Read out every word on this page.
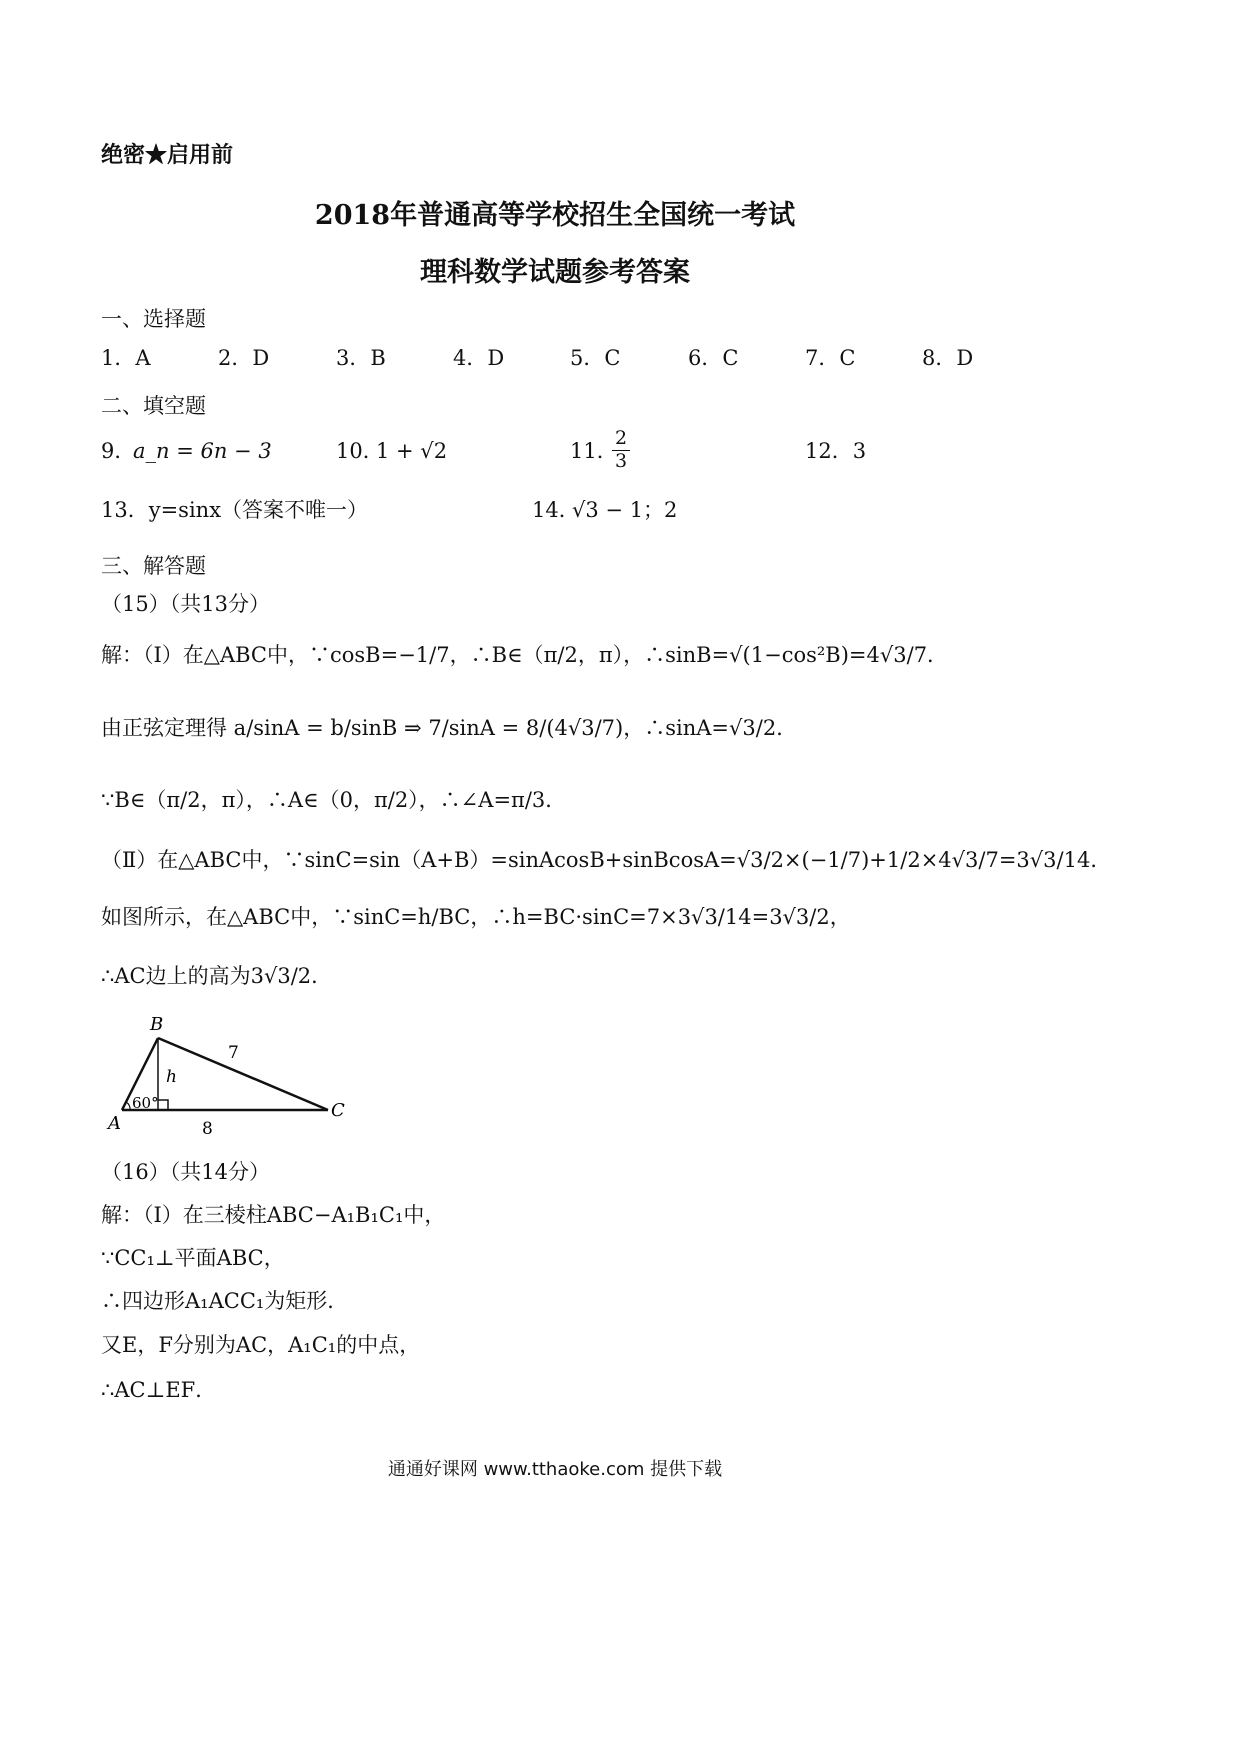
绝密★启用前
2018年普通高等学校招生全国统一考试
理科数学试题参考答案
一、选择题
1．A	2．D	3．B	4．D	5．C	6．C	7．C	8．D
二、填空题
9．
a_n = 6n − 3	10．
1 + √2	11．
$\frac{2}{3}$	12．3
13．y=sinx（答案不唯一）	14．
√3 − 1；2
三、解答题
（15）（共13分）
解：（Ⅰ）在△ABC中，∵cosB=−1/7，∴B∈（π/2，π），∴sinB=√(1−cos²B)=4√3/7．
由正弦定理得 a/sinA = b/sinB ⇒ 7/sinA = 8/(4√3/7)，∴sinA=√3/2．
∵B∈（π/2，π），∴A∈（0，π/2），∴∠A=π/3．
（Ⅱ）在△ABC中，∵sinC=sin（A+B）=sinAcosB+sinBcosA=√3/2×(−1/7)+1/2×4√3/7=3√3/14．
如图所示，在△ABC中，∵sinC=h/BC，∴h=BC·sinC=7×3√3/14=3√3/2，
∴AC边上的高为3√3/2．
B
A
C
h
7
8
60°
（16）（共14分）
解：（Ⅰ）在三棱柱ABC−A₁B₁C₁中，
∵CC₁⊥平面ABC，
∴四边形A₁ACC₁为矩形．
又E，F分别为AC，A₁C₁的中点，
∴AC⊥EF．
通通好课网 www.tthaoke.com 提供下载
